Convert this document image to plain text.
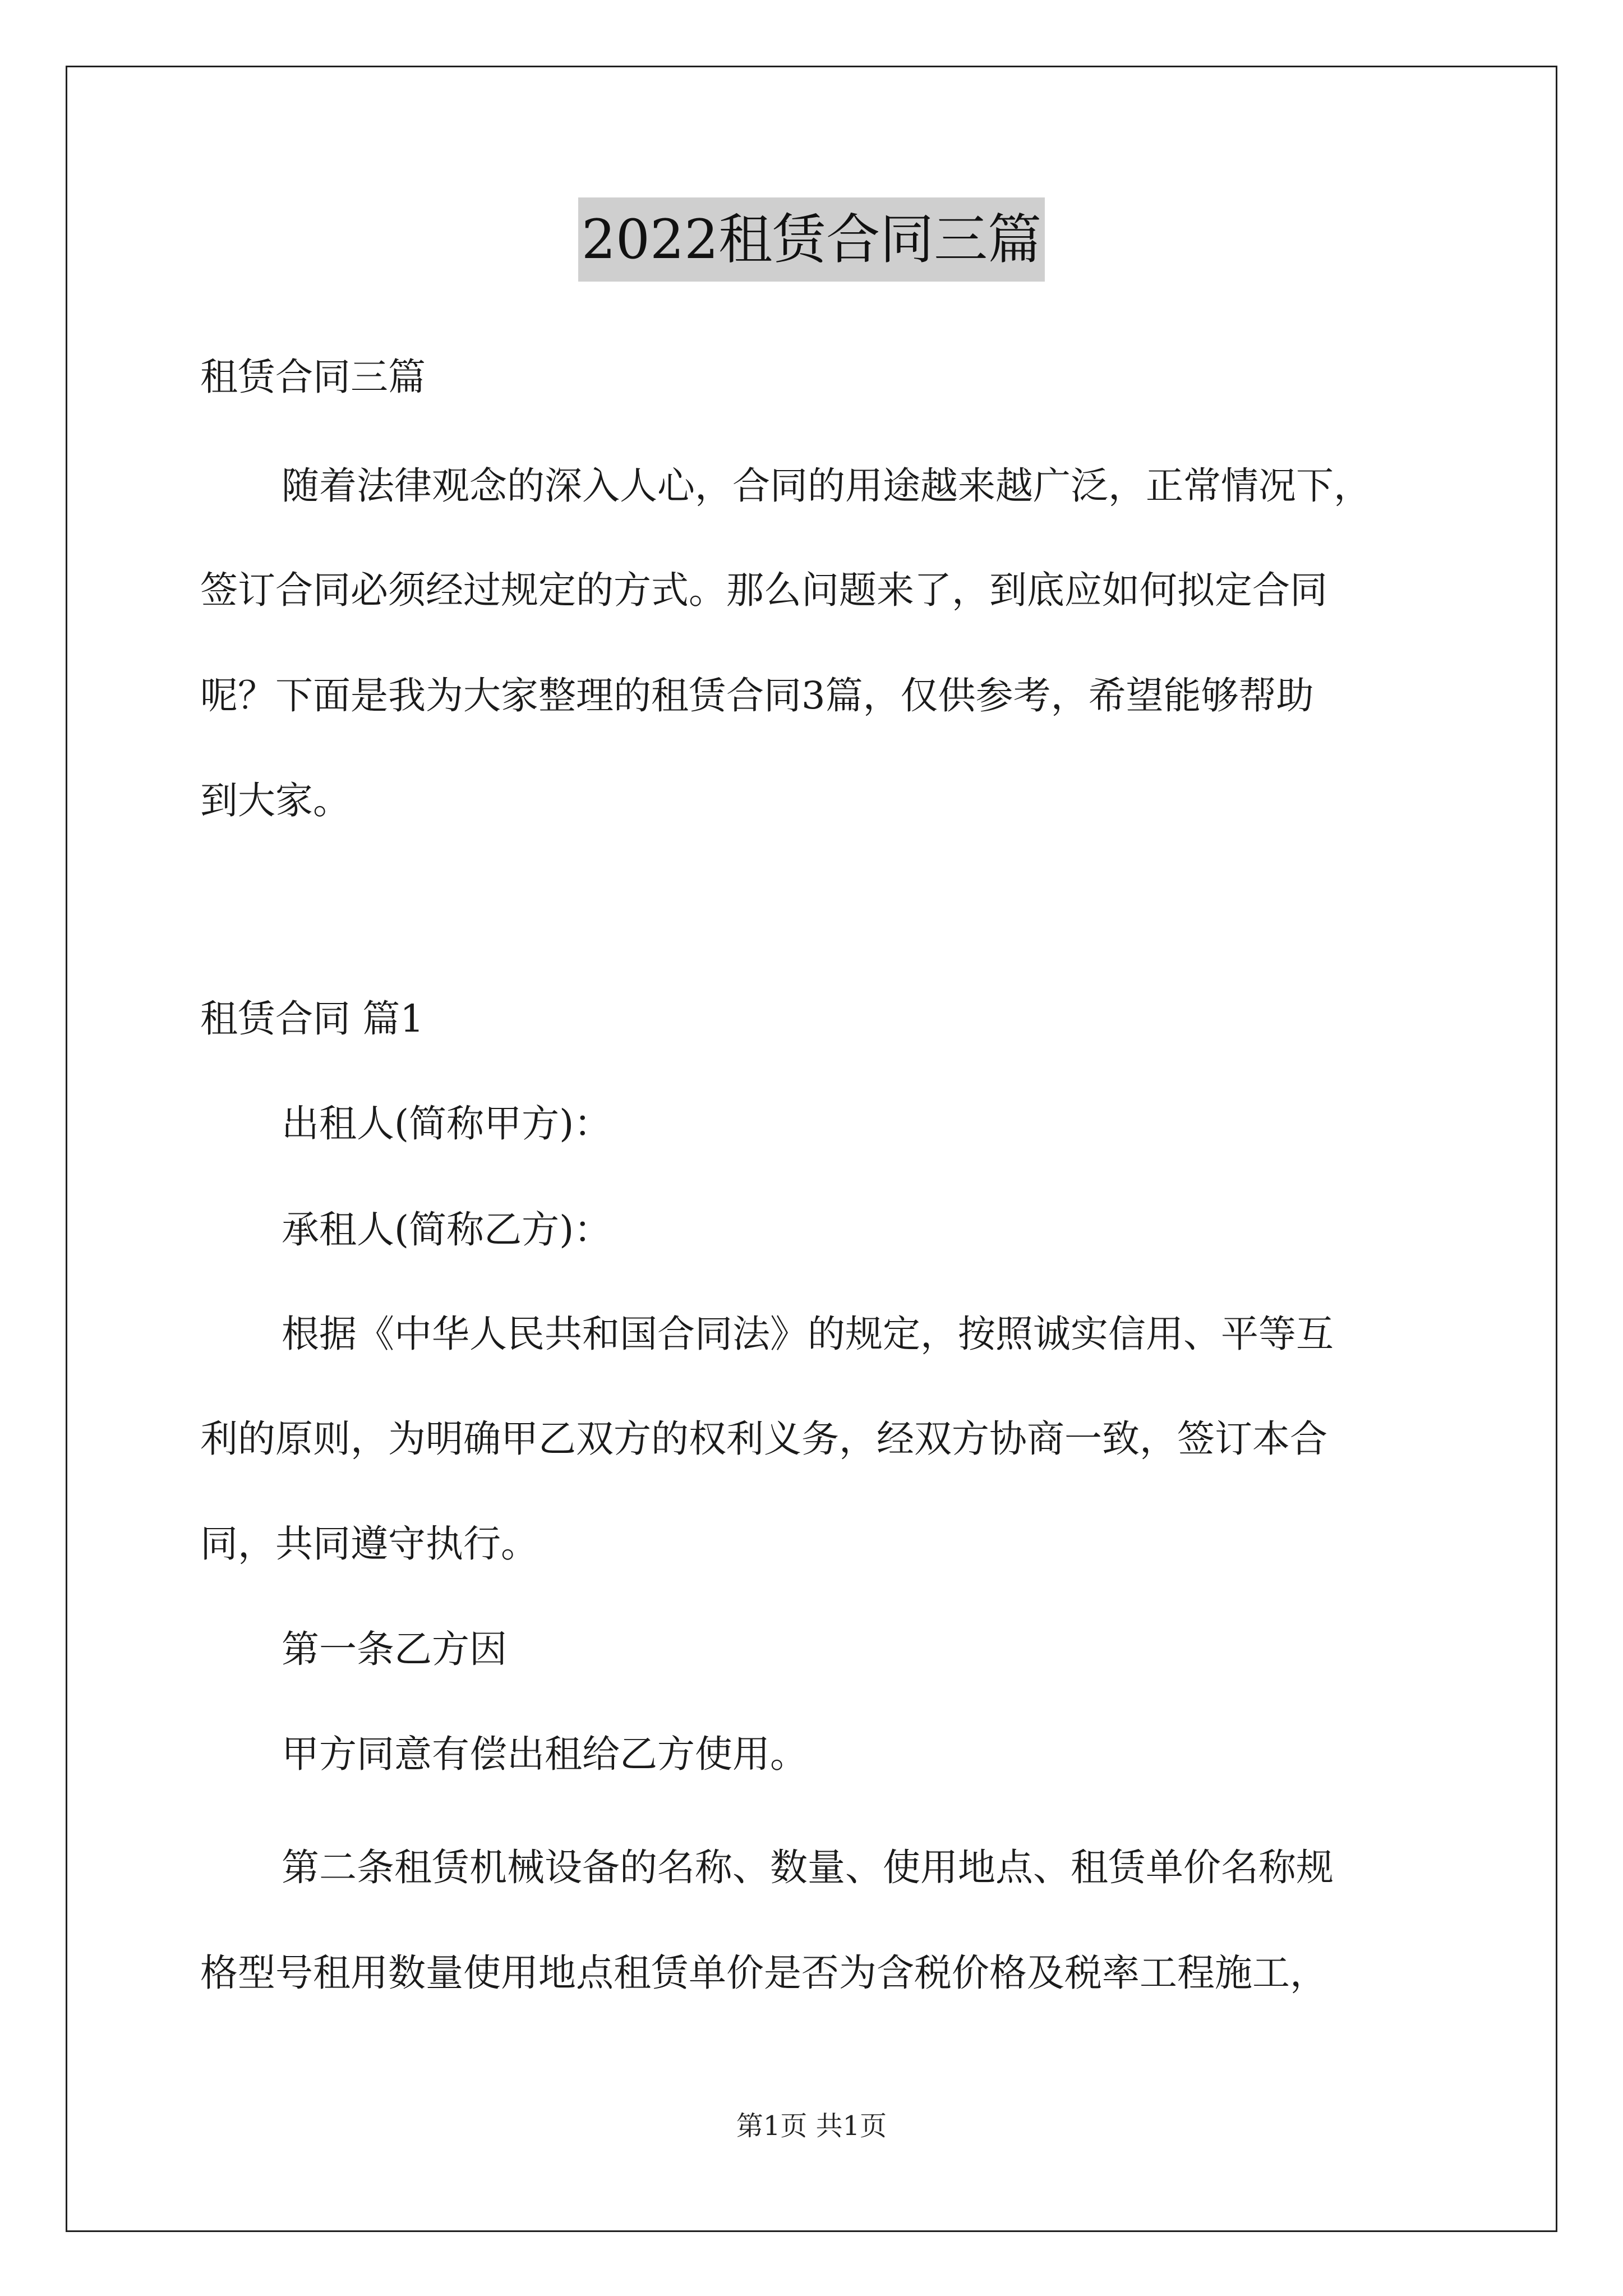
2022租赁合同三篇
租赁合同三篇
随着法律观念的深入人心，合同的用途越来越广泛，正常情况下，
签订合同必须经过规定的方式。那么问题来了，到底应如何拟定合同
呢？下面是我为大家整理的租赁合同3篇，仅供参考，希望能够帮助
到大家。
租赁合同 篇1
出租人(简称甲方)：
承租人(简称乙方)：
根据《中华人民共和国合同法》的规定，按照诚实信用、平等互
利的原则，为明确甲乙双方的权利义务，经双方协商一致，签订本合
同，共同遵守执行。
第一条乙方因
甲方同意有偿出租给乙方使用。
第二条租赁机械设备的名称、数量、使用地点、租赁单价名称规
格型号租用数量使用地点租赁单价是否为含税价格及税率工程施工，
第1页 共1页
